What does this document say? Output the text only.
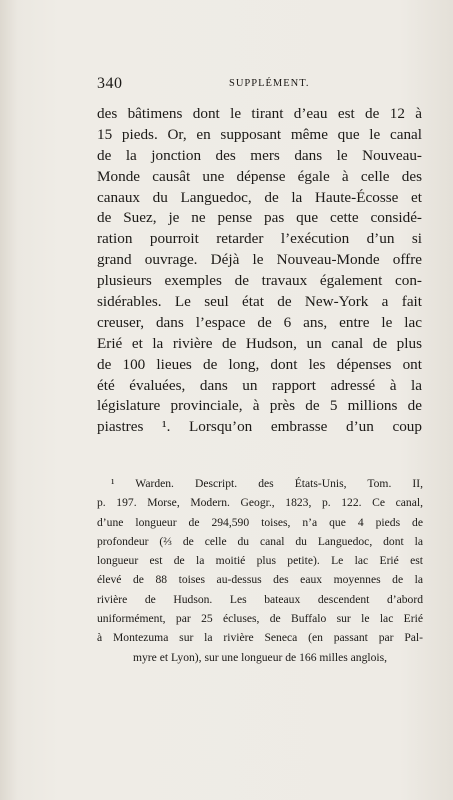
340	SUPPLÉMENT.
des bâtimens dont le tirant d’eau est de 12 à
15 pieds. Or, en supposant même que le canal
de la jonction des mers dans le Nouveau-
Monde causât une dépense égale à celle des
canaux du Languedoc, de la Haute-Écosse et
de Suez, je ne pense pas que cette considé-
ration pourroit retarder l’exécution d’un si
grand ouvrage. Déjà le Nouveau-Monde offre
plusieurs exemples de travaux également con-
sidérables. Le seul état de New-York a fait
creuser, dans l’espace de 6 ans, entre le lac
Erié et la rivière de Hudson, un canal de plus
de 100 lieues de long, dont les dépenses ont
été évaluées, dans un rapport adressé à la
législature provinciale, à près de 5 millions de
piastres ¹. Lorsqu’on embrasse d’un coup
¹ Warden. Descript. des États-Unis, Tom. II,
p. 197. Morse, Modern. Geogr., 1823, p. 122. Ce canal,
d’une longueur de 294,590 toises, n’a que 4 pieds de
profondeur (⅔ de celle du canal du Languedoc, dont la
longueur est de la moitié plus petite). Le lac Erié est
élevé de 88 toises au-dessus des eaux moyennes de la
rivière de Hudson. Les bateaux descendent d’abord
uniformément, par 25 écluses, de Buffalo sur le lac Erié
à Montezuma sur la rivière Seneca (en passant par Pal-
myre et Lyon), sur une longueur de 166 milles anglois,
